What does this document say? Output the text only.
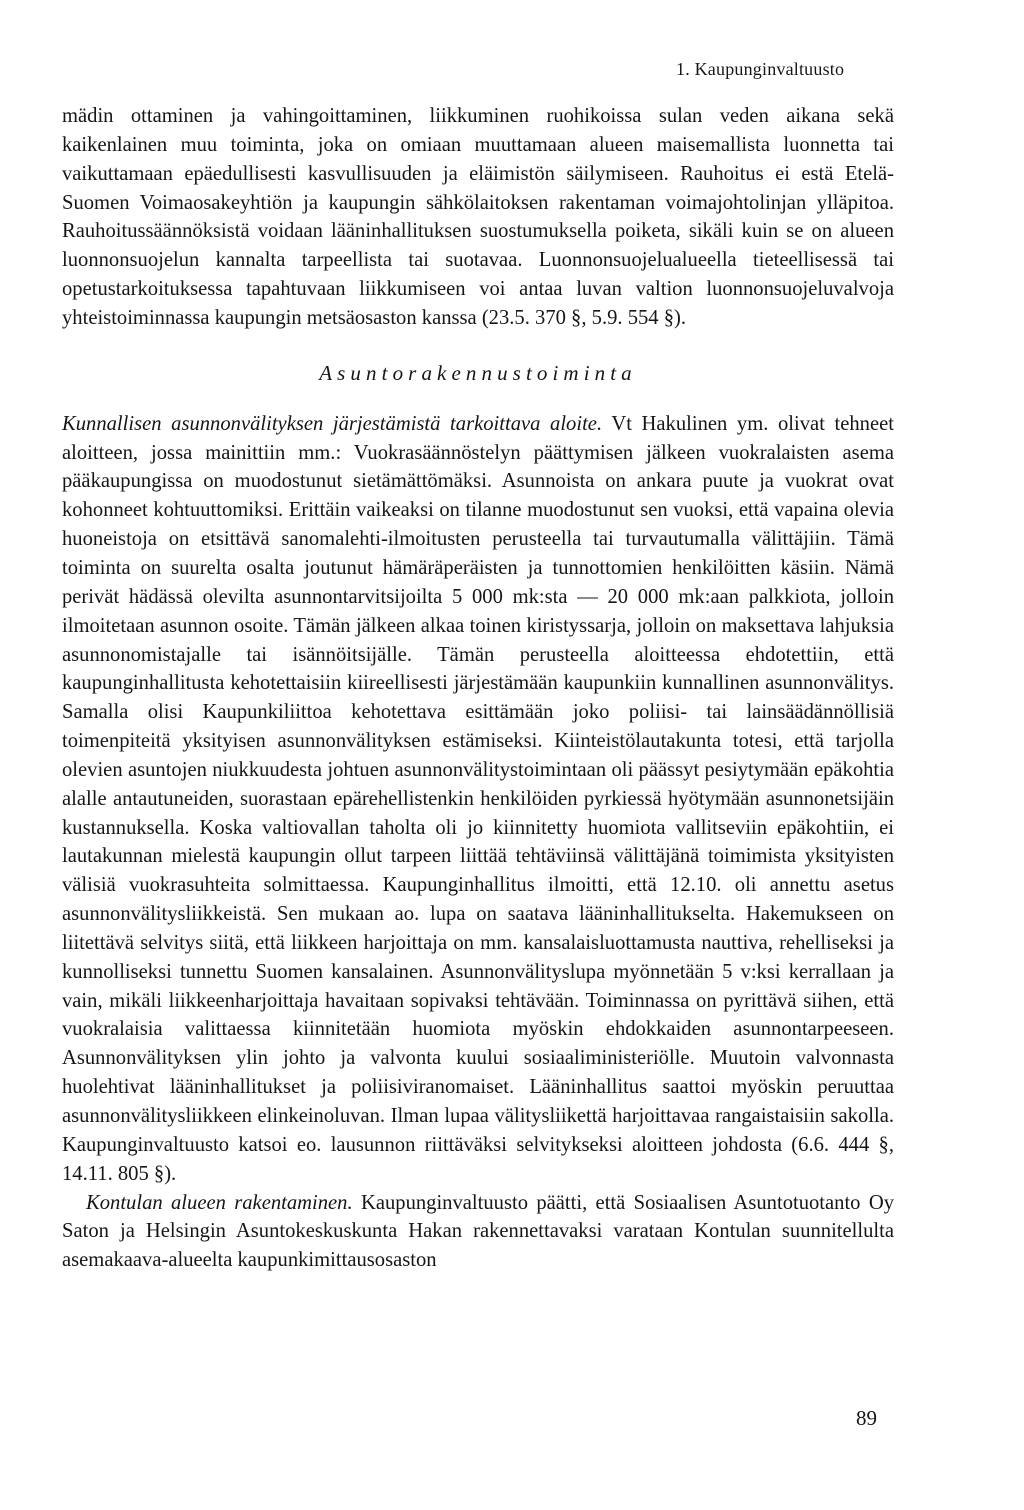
1. Kaupunginvaltuusto

mädin ottaminen ja vahingoittaminen, liikkuminen ruohikoissa sulan veden aikana sekä kaikenlainen muu toiminta, joka on omiaan muuttamaan alueen maisemallista luonnetta tai vaikuttamaan epäedullisesti kasvullisuuden ja eläimistön säilymiseen. Rauhoitus ei estä Etelä-Suomen Voimaosakeyhtiön ja kaupungin sähkölaitoksen rakentaman voimajohtolinjan ylläpitoa. Rauhoitussäännöksistä voidaan lääninhallituksen suostumuksella poiketa, sikäli kuin se on alueen luonnonsuojelun kannalta tarpeellista tai suotavaa. Luonnonsuojelualueella tieteellisessä tai opetustarkoituksessa tapahtuvaan liikkumiseen voi antaa luvan valtion luonnonsuojeluvalvoja yhteistoiminnassa kaupungin metsäosaston kanssa (23.5. 370 §, 5.9. 554 §).

Asuntorakennustoiminta

Kunnallisen asunnonvälityksen järjestämistä tarkoittava aloite. Vt Hakulinen ym. olivat tehneet aloitteen, jossa mainittiin mm.: Vuokrasäännöstelyn päättymisen jälkeen vuokralaisten asema pääkaupungissa on muodostunut sietämättömäksi. Asunnoista on ankara puute ja vuokrat ovat kohonneet kohtuuttomiksi. Erittäin vaikeaksi on tilanne muodostunut sen vuoksi, että vapaina olevia huoneistoja on etsittävä sanomalehti-ilmoitusten perusteella tai turvautumalla välittäjiin. Tämä toiminta on suurelta osalta joutunut hämäräperäisten ja tunnottomien henkilöitten käsiin. Nämä perivät hädässä olevilta asunnontarvitsijoilta 5 000 mk:sta — 20 000 mk:aan palkkiota, jolloin ilmoitetaan asunnon osoite. Tämän jälkeen alkaa toinen kiristyssarja, jolloin on maksettava lahjuksia asunnonomistajalle tai isännöitsijälle. Tämän perusteella aloitteessa ehdotettiin, että kaupunginhallitusta kehotettaisiin kiireellisesti järjestämään kaupunkiin kunnallinen asunnonvälitys. Samalla olisi Kaupunkiliittoa kehotettava esittämään joko poliisi- tai lainsäädännöllisiä toimenpiteitä yksityisen asunnonvälityksen estämiseksi. Kiinteistölautakunta totesi, että tarjolla olevien asuntojen niukkuudesta johtuen asunnonvälitystoimintaan oli päässyt pesiytymään epäkohtia alalle antautuneiden, suorastaan epärehellistenkin henkilöiden pyrkiessä hyötymään asunnonetsijäin kustannuksella. Koska valtiovallan taholta oli jo kiinnitetty huomiota vallitseviin epäkohtiin, ei lautakunnan mielestä kaupungin ollut tarpeen liittää tehtäviinsä välittäjänä toimimista yksityisten välisiä vuokrasuhteita solmittaessa. Kaupunginhallitus ilmoitti, että 12.10. oli annettu asetus asunnonvälitysliikkeistä. Sen mukaan ao. lupa on saatava lääninhallitukselta. Hakemukseen on liitettävä selvitys siitä, että liikkeen harjoittaja on mm. kansalaisluottamusta nauttiva, rehelliseksi ja kunnolliseksi tunnettu Suomen kansalainen. Asunnonvälityslupa myönnetään 5 v:ksi kerrallaan ja vain, mikäli liikkeenharjoittaja havaitaan sopivaksi tehtävään. Toiminnassa on pyrittävä siihen, että vuokralaisia valittaessa kiinnitetään huomiota myöskin ehdokkaiden asunnontarpeeseen. Asunnonvälityksen ylin johto ja valvonta kuului sosiaaliministeriölle. Muutoin valvonnasta huolehtivat lääninhallitukset ja poliisiviranomaiset. Lääninhallitus saattoi myöskin peruuttaa asunnonvälitysliikkeen elinkeinoluvan. Ilman lupaa välitysliikettä harjoittavaa rangaistaisiin sakolla. Kaupunginvaltuusto katsoi eo. lausunnon riittäväksi selvitykseksi aloitteen johdosta (6.6. 444 §, 14.11. 805 §).

Kontulan alueen rakentaminen. Kaupunginvaltuusto päätti, että Sosiaalisen Asuntotuotanto Oy Saton ja Helsingin Asuntokeskuskunta Hakan rakennettavaksi varataan Kontulan suunnitellulta asemakaava-alueelta kaupunkimittausosaston

89
